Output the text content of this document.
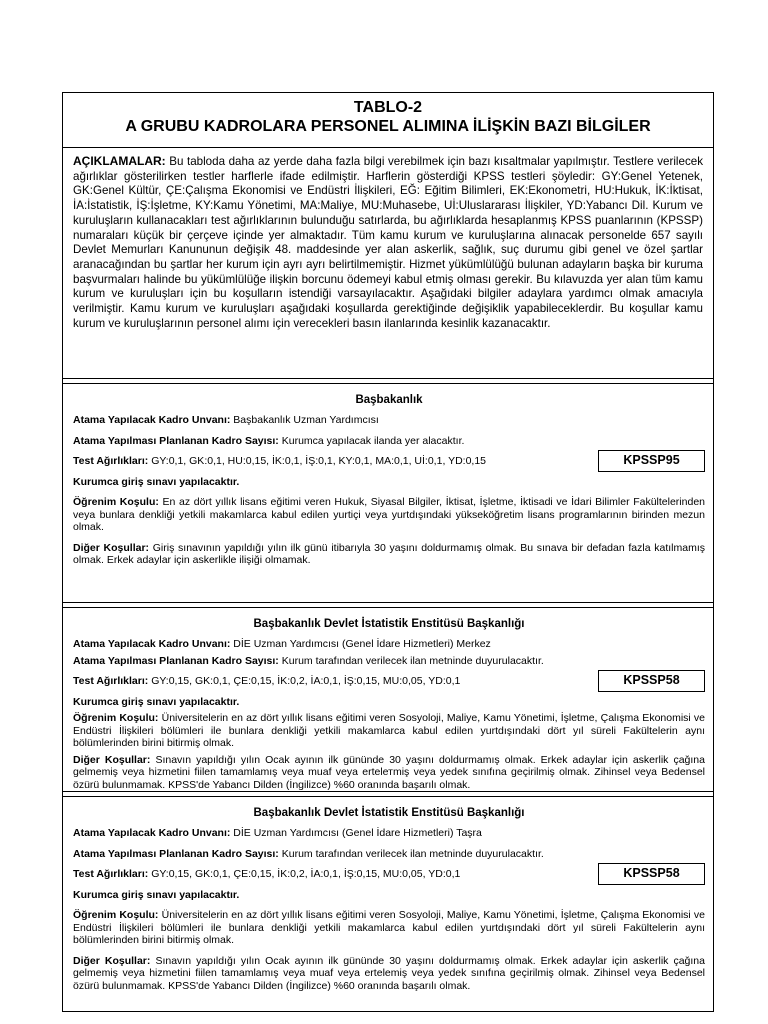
TABLO-2
A GRUBU KADROLARA PERSONEL ALIMINA İLİŞKİN BAZI BİLGİLER

AÇIKLAMALAR: Bu tabloda daha az yerde daha fazla bilgi verebilmek için bazı kısaltmalar yapılmıştır. Testlere verilecek ağırlıklar gösterilirken testler harflerle ifade edilmiştir. Harflerin gösterdiği KPSS testleri şöyledir: GY:Genel Yetenek, GK:Genel Kültür, ÇE:Çalışma Ekonomisi ve Endüstri İlişkileri, EĞ: Eğitim Bilimleri, EK:Ekonometri, HU:Hukuk, İK:İktisat, İA:İstatistik, İŞ:İşletme, KY:Kamu Yönetimi, MA:Maliye, MU:Muhasebe, Uİ:Uluslararası İlişkiler, YD:Yabancı Dil. Kurum ve kuruluşların kullanacakları test ağırlıklarının bulunduğu satırlarda, bu ağırlıklarda hesaplanmış KPSS puanlarının (KPSSP) numaraları küçük bir çerçeve içinde yer almaktadır. Tüm kamu kurum ve kuruluşlarına alınacak personelde 657 sayılı Devlet Memurları Kanununun değişik 48. maddesinde yer alan askerlik, sağlık, suç durumu gibi genel ve özel şartlar aranacağından bu şartlar her kurum için ayrı ayrı belirtilmemiştir. Hizmet yükümlülüğü bulunan adayların başka bir kuruma başvurmaları halinde bu yükümlülüğe ilişkin borcunu ödemeyi kabul etmiş olması gerekir. Bu kılavuzda yer alan tüm kamu kurum ve kuruluşları için bu koşulların istendiği varsayılacaktır. Aşağıdaki bilgiler adaylara yardımcı olmak amacıyla verilmiştir. Kamu kurum ve kuruluşları aşağıdaki koşullarda gerektiğinde değişiklik yapabileceklerdir. Bu koşullar kamu kurum ve kuruluşlarının personel alımı için verecekleri basın ilanlarında kesinlik kazanacaktır.

Başbakanlık
Atama Yapılacak Kadro Unvanı: Başbakanlık Uzman Yardımcısı
Atama Yapılması Planlanan Kadro Sayısı: Kurumca yapılacak ilanda yer alacaktır.
Test Ağırlıkları: GY:0,1, GK:0,1, HU:0,15, İK:0,1, İŞ:0,1, KY:0,1, MA:0,1, Uİ:0,1, YD:0,15	KPSSP95
Kurumca giriş sınavı yapılacaktır.
Öğrenim Koşulu: En az dört yıllık lisans eğitimi veren Hukuk, Siyasal Bilgiler, İktisat, İşletme, İktisadi ve İdari Bilimler Fakültelerinden veya bunlara denkliği yetkili makamlarca kabul edilen yurtiçi veya yurtdışındaki yükseköğretim lisans programlarının birinden mezun olmak.
Diğer Koşullar: Giriş sınavının yapıldığı yılın ilk günü itibarıyla 30 yaşını doldurmamış olmak. Bu sınava bir defadan fazla katılmamış olmak. Erkek adaylar için askerlikle ilişiği olmamak.
Başbakanlık Devlet İstatistik Enstitüsü Başkanlığı
Atama Yapılacak Kadro Unvanı: DİE Uzman Yardımcısı (Genel İdare Hizmetleri) Merkez
Atama Yapılması Planlanan Kadro Sayısı: Kurum tarafından verilecek ilan metninde duyurulacaktır.
Test Ağırlıkları: GY:0,15, GK:0,1, ÇE:0,15, İK:0,2, İA:0,1, İŞ:0,15, MU:0,05, YD:0,1	KPSSP58
Kurumca giriş sınavı yapılacaktır.
Öğrenim Koşulu: Üniversitelerin en az dört yıllık lisans eğitimi veren Sosyoloji, Maliye, Kamu Yönetimi, İşletme, Çalışma Ekonomisi ve Endüstri İlişkileri bölümleri ile bunlara denkliği yetkili makamlarca kabul edilen yurtdışındaki dört yıl süreli Fakültelerin aynı bölümlerinden birini bitirmiş olmak.
Diğer Koşullar: Sınavın yapıldığı yılın Ocak ayının ilk gününde 30 yaşını doldurmamış olmak. Erkek adaylar için askerlik çağına gelmemiş veya hizmetini fiilen tamamlamış veya muaf veya ertelетmiş veya yedek sınıfına geçirilmiş olmak. Zihinsel veya Bedensel özürü bulunmamak. KPSS'de Yabancı Dilden (İngilizce) %60 oranında başarılı olmak.
Başbakanlık Devlet İstatistik Enstitüsü Başkanlığı
Atama Yapılacak Kadro Unvanı: DİE Uzman Yardımcısı (Genel İdare Hizmetleri) Taşra
Atama Yapılması Planlanan Kadro Sayısı: Kurum tarafından verilecek ilan metninde duyurulacaktır.
Test Ağırlıkları: GY:0,15, GK:0,1, ÇE:0,15, İK:0,2, İA:0,1, İŞ:0,15, MU:0,05, YD:0,1	KPSSP58
Kurumca giriş sınavı yapılacaktır.
Öğrenim Koşulu: Üniversitelerin en az dört yıllık lisans eğitimi veren Sosyoloji, Maliye, Kamu Yönetimi, İşletme, Çalışma Ekonomisi ve Endüstri İlişkileri bölümleri ile bunlara denkliği yetkili makamlarca kabul edilen yurtdışındaki dört yıl süreli Fakültelerin aynı bölümlerinden birini bitirmiş olmak.
Diğer Koşullar: Sınavın yapıldığı yılın Ocak ayının ilk gününde 30 yaşını doldurmamış olmak. Erkek adaylar için askerlik çağına gelmemiş veya hizmetini fiilen tamamlamış veya muaf veya ertelemiş veya yedek sınıfına geçirilmiş olmak. Zihinsel veya Bedensel özürü bulunmamak. KPSS'de Yabancı Dilden (İngilizce) %60 oranında başarılı olmak.
